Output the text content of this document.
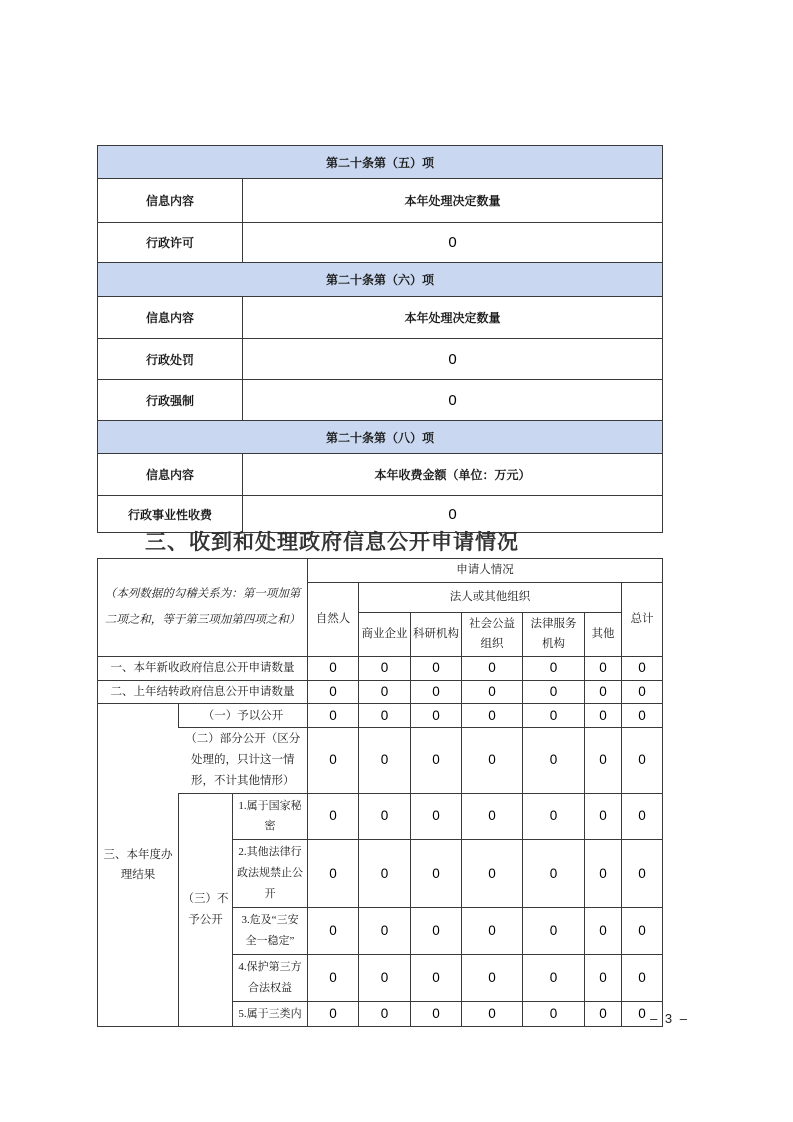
第二十条第（五）项	
信息内容	本年处理决定数量
行政许可	0
第二十条第（六）项	
信息内容	本年处理决定数量
行政处罚	0
行政强制	0
第二十条第（八）项	
信息内容	本年收费金额（单位：万元）
行政事业性收费	0
三、收到和处理政府信息公开申请情况
（本列数据的勾稽关系为：第一项加第二项之和，等于第三项加第四项之和）			申请人情况						
			自然人	法人或其他组织					总计
				商业企业	科研机构	社会公益组织	法律服务机构	其他	
一、本年新收政府信息公开申请数量			0	0	0	0	0	0	0
二、上年结转政府信息公开申请数量			0	0	0	0	0	0	0
三、本年度办理结果	（一）予以公开		0	0	0	0	0	0	0
	（二）部分公开（区分处理的，只计这一情形，不计其他情形）		0	0	0	0	0	0	0
	（三）不予公开	1.属于国家秘密	0	0	0	0	0	0	0
		2.其他法律行政法规禁止公开	0	0	0	0	0	0	0
		3.危及“三安全一稳定”	0	0	0	0	0	0	0
		4.保护第三方合法权益	0	0	0	0	0	0	0
		5.属于三类内	0	0	0	0	0	0	0 – 3 –
